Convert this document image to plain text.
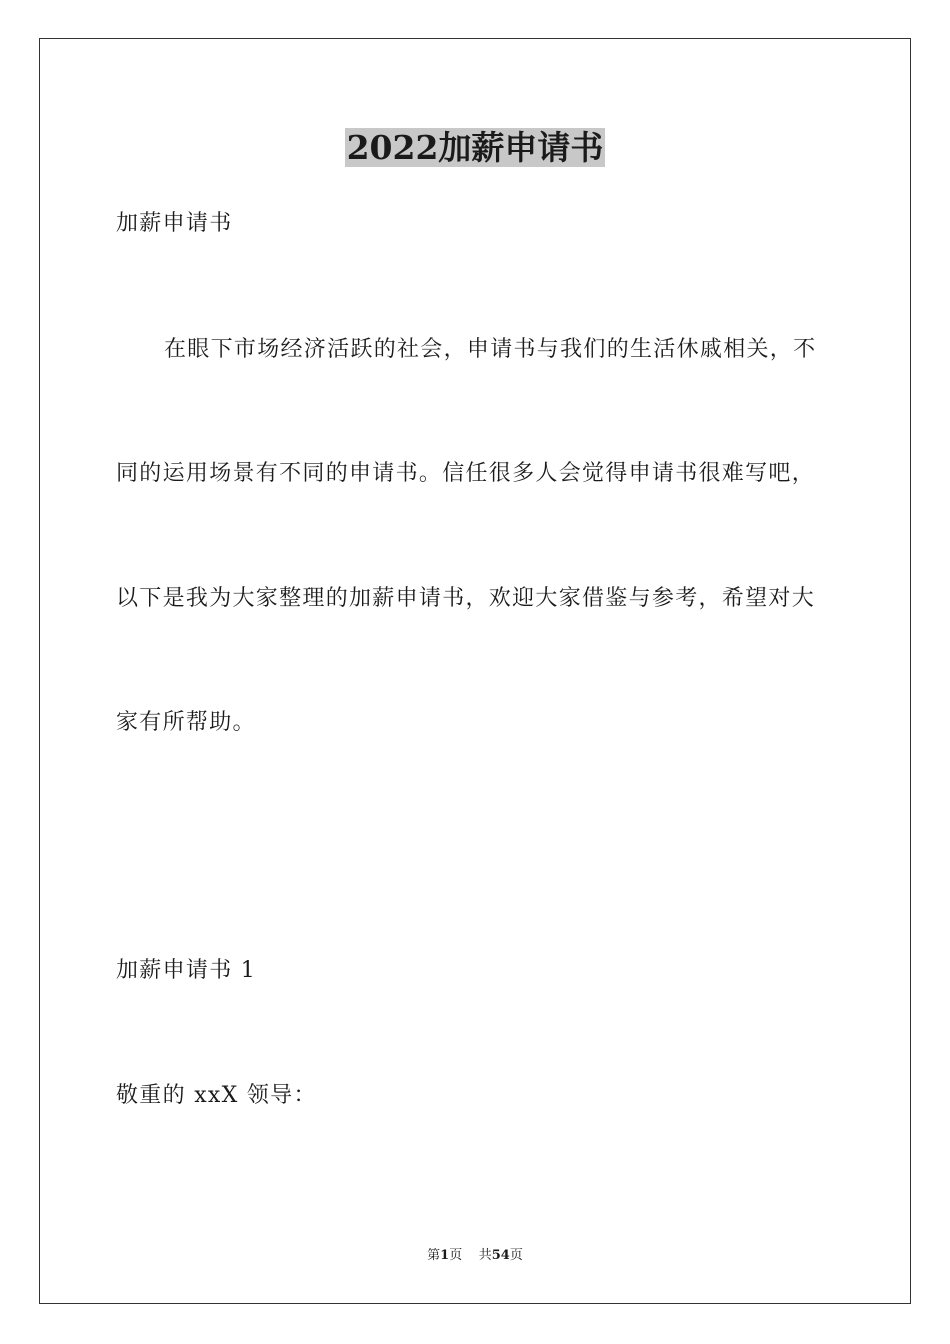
2022加薪申请书
加薪申请书
在眼下市场经济活跃的社会，申请书与我们的生活休戚相关，不
同的运用场景有不同的申请书。信任很多人会觉得申请书很难写吧，
以下是我为大家整理的加薪申请书，欢迎大家借鉴与参考，希望对大
家有所帮助。
加薪申请书 1
敬重的 xxX 领导：
第1页 共54页
